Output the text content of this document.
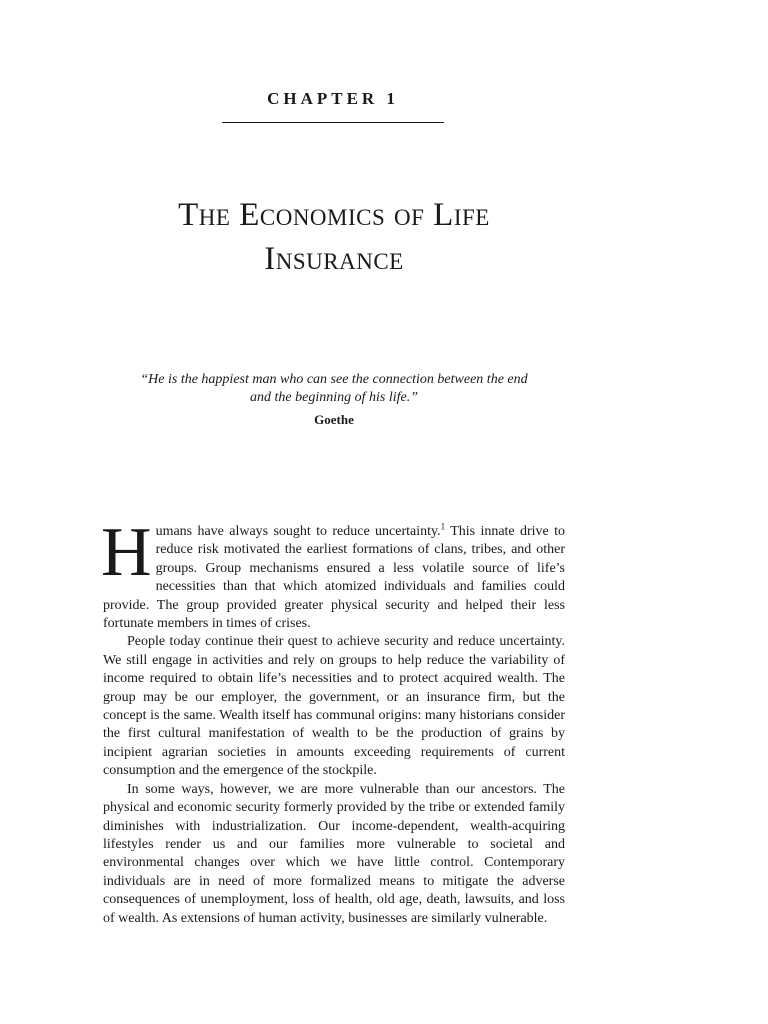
CHAPTER 1
The Economics of Life
Insurance

“He is the happiest man who can see the connection between the end
and the beginning of his life.”

Goethe

Humans have always sought to reduce uncertainty.$^1$ This innate drive to reduce risk motivated the earliest formations of clans, tribes, and other groups. Group mechanisms ensured a less volatile source of life’s necessities than that which atomized individuals and families could provide. The group provided greater physical security and helped their less fortunate members in times of crises.

People today continue their quest to achieve security and reduce uncertainty. We still engage in activities and rely on groups to help reduce the variability of income required to obtain life’s necessities and to protect acquired wealth. The group may be our employer, the government, or an insurance firm, but the concept is the same. Wealth itself has communal origins: many historians consider the first cultural manifestation of wealth to be the production of grains by incipient agrarian societies in amounts exceeding requirements of current consumption and the emergence of the stockpile.

In some ways, however, we are more vulnerable than our ancestors. The physical and economic security formerly provided by the tribe or extended family diminishes with industrialization. Our income-dependent, wealth-acquiring lifestyles render us and our families more vulnerable to societal and environmental changes over which we have little control. Contemporary individuals are in need of more formalized means to mitigate the adverse consequences of unemployment, loss of health, old age, death, lawsuits, and loss of wealth. As extensions of human activity, businesses are similarly vulnerable.
